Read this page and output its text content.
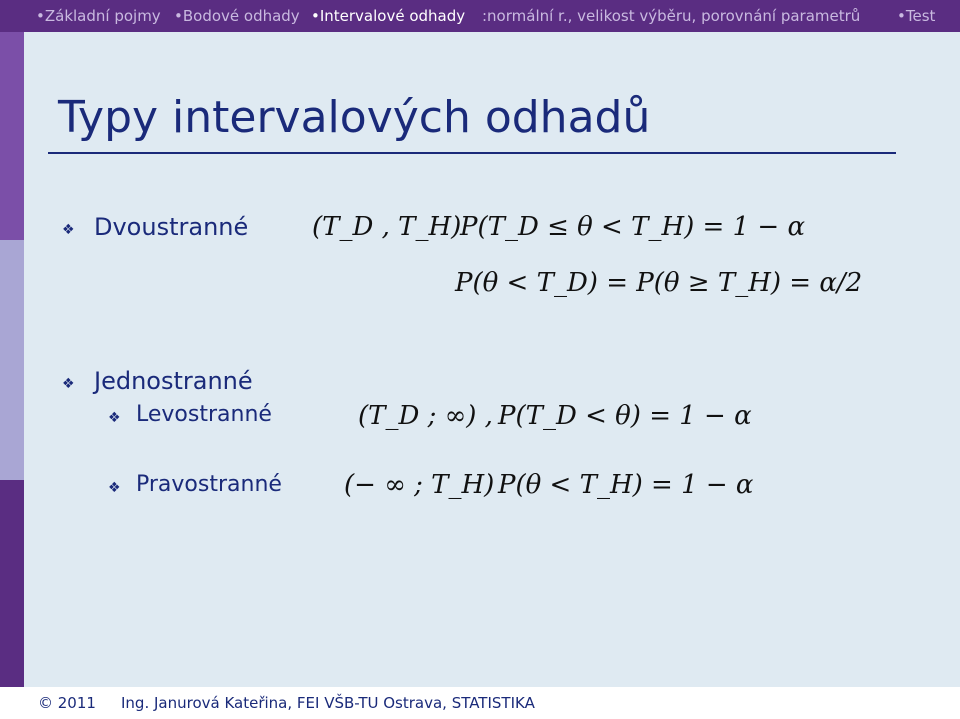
•Základní pojmy •Bodové odhady •Intervalové odhady :normální r., velikost výběru, porovnání parametrů •Test
Typy intervalových odhadů
❖ Dvoustranné (T_D , T_H)
P(T_D ≤ θ < T_H) = 1 − α
P(θ < T_D) = P(θ ≥ T_H) = α/2
❖ Jednostranné
❖ Levostranné	(T_D ; ∞) , P(T_D < θ) = 1 − α
❖ Pravostranné (− ∞ ; T_H) P(θ < T_H) = 1 − α
© 2011 Ing. Janurová Kateřina, FEI VŠB-TU Ostrava, STATISTIKA
